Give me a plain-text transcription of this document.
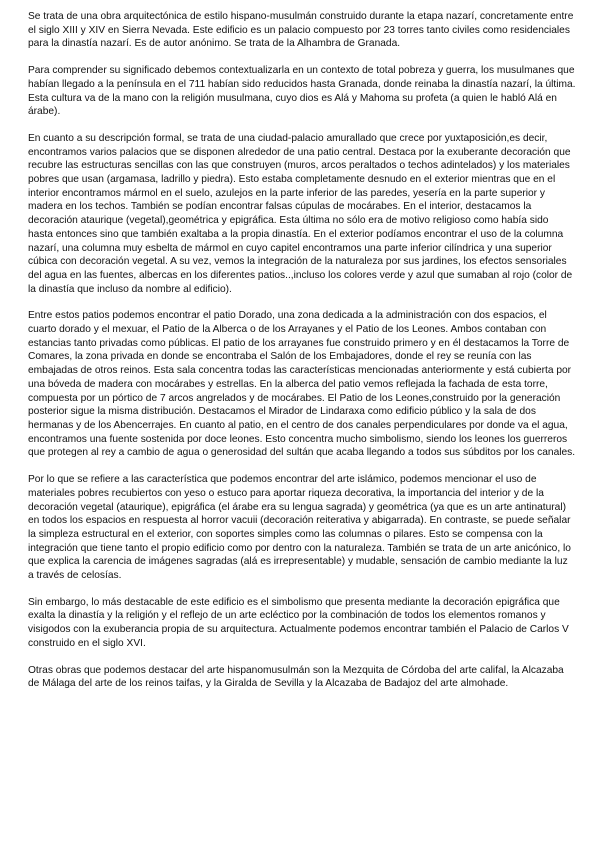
Se trata de una obra arquitectónica de estilo hispano-musulmán construido durante la etapa nazarí, concretamente entre el siglo XIII y XIV en Sierra Nevada. Este edificio es un palacio compuesto por 23 torres tanto civiles como residenciales para la dinastía nazarí. Es de autor anónimo. Se trata de la Alhambra de Granada.

Para comprender su significado debemos contextualizarla en un contexto de total pobreza y guerra, los musulmanes que habían llegado a la península en el 711 habían sido reducidos hasta Granada, donde reinaba la dinastía nazarí, la última. Esta cultura va de la mano con la religión musulmana, cuyo dios es Alá y Mahoma su profeta (a quien le habló Alá en árabe).

En cuanto a su descripción formal, se trata de una ciudad-palacio amurallado que crece por yuxtaposición,es decir, encontramos varios palacios que se disponen alrededor de una patio central. Destaca por la exuberante decoración que recubre las estructuras sencillas con las que construyen (muros, arcos peraltados o techos adintelados) y los materiales pobres que usan (argamasa, ladrillo y piedra). Esto estaba completamente desnudo en el exterior mientras que en el interior encontramos mármol en el suelo, azulejos en la parte inferior de las paredes, yesería en la parte superior y madera en los techos. También se podían encontrar falsas cúpulas de mocárabes. En el interior, destacamos la decoración ataurique (vegetal),geométrica y epigráfica. Esta última no sólo era de motivo religioso como había sido hasta entonces sino que también exaltaba a la propia dinastía. En el exterior podíamos encontrar el uso de la columna nazarí, una columna muy esbelta de mármol en cuyo capitel encontramos una parte inferior cilíndrica y una superior cúbica con decoración vegetal. A su vez, vemos la integración de la naturaleza por sus jardines, los efectos sensoriales del agua en las fuentes, albercas en los diferentes patios..,incluso los colores verde y azul que sumaban al rojo (color de la dinastía que incluso da nombre al edificio).

Entre estos patios podemos encontrar el patio Dorado, una zona dedicada a la administración con dos espacios, el cuarto dorado y el mexuar, el Patio de la Alberca o de los Arrayanes y el Patio de los Leones. Ambos contaban con estancias tanto privadas como públicas. El patio de los arrayanes fue construido primero y en él destacamos la Torre de Comares, la zona privada en donde se encontraba el Salón de los Embajadores, donde el rey se reunía con las embajadas de otros reinos. Esta sala concentra todas las características mencionadas anteriormente y está cubierta por una bóveda de madera con mocárabes y estrellas. En la alberca del patio vemos reflejada la fachada de esta torre, compuesta por un pórtico de 7 arcos angrelados y de mocárabes. El Patio de los Leones,construido por la generación posterior sigue la misma distribución. Destacamos el Mirador de Lindaraxa como edificio público y la sala de dos hermanas y de los Abencerrajes. En cuanto al patio, en el centro de dos canales perpendiculares por donde va el agua, encontramos una fuente sostenida por doce leones. Esto concentra mucho simbolismo, siendo los leones los guerreros que protegen al rey a cambio de agua o generosidad del sultán que acaba llegando a todos sus súbditos por los canales.

Por lo que se refiere a las característica que podemos encontrar del arte islámico, podemos mencionar el uso de materiales pobres recubiertos con yeso o estuco para aportar riqueza decorativa, la importancia del interior y de la decoración vegetal (ataurique), epigráfica (el árabe era su lengua sagrada) y geométrica (ya que es un arte antinatural) en todos los espacios en respuesta al horror vacuii (decoración reiterativa y abigarrada). En contraste, se puede señalar la simpleza estructural en el exterior, con soportes simples como las columnas o pilares. Esto se compensa con la integración que tiene tanto el propio edificio como por dentro con la naturaleza. También se trata de un arte anicónico, lo que explica la carencia de imágenes sagradas (alá es irrepresentable) y mudable, sensación de cambio mediante la luz a través de celosías.

Sin embargo, lo más destacable de este edificio es el simbolismo que presenta mediante la decoración epigráfica que exalta la dinastía y la religión y el reflejo de un arte ecléctico por la combinación de todos los elementos romanos y visigodos con la exuberancia propia de su arquitectura. Actualmente podemos encontrar también el Palacio de Carlos V construido en el siglo XVI.

Otras obras que podemos destacar del arte hispanomusulmán son la Mezquita de Córdoba del arte califal, la Alcazaba de Málaga del arte de los reinos taifas, y la Giralda de Sevilla y la Alcazaba de Badajoz del arte almohade.
